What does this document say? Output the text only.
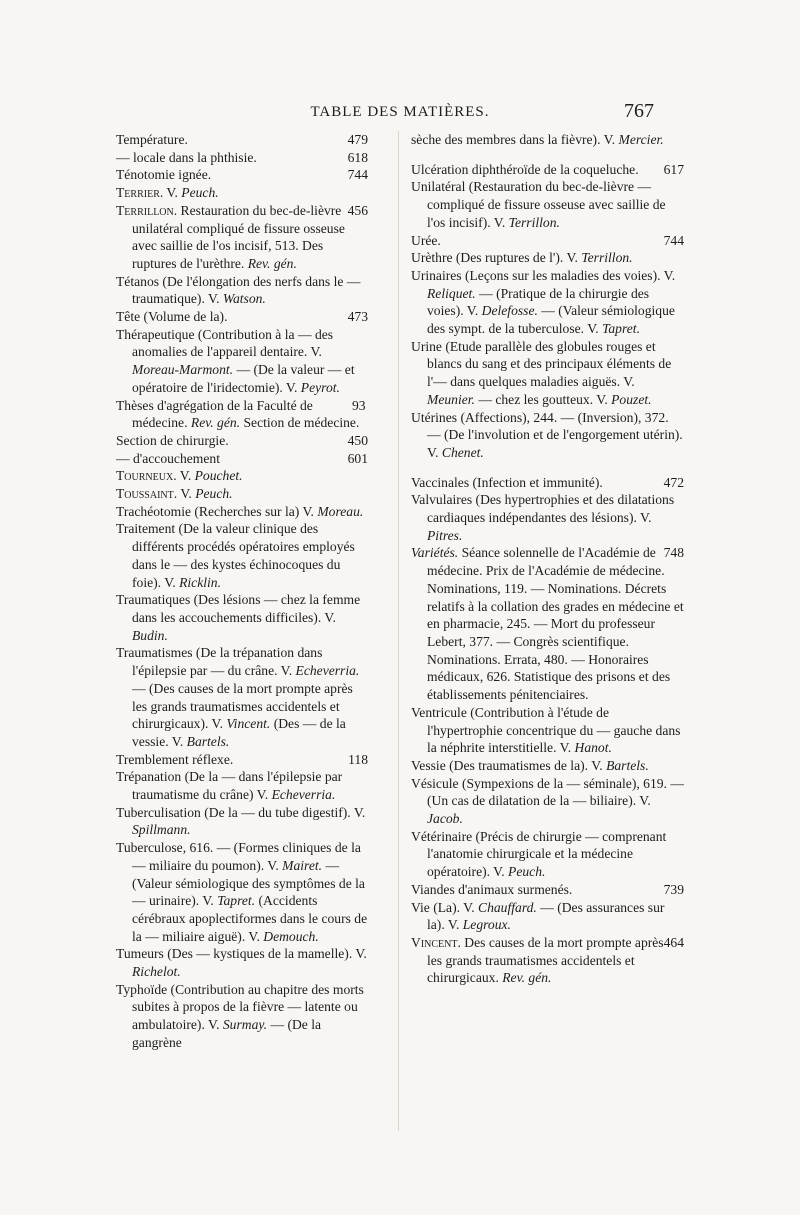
TABLE DES MATIÈRES.	767

479
Température.

618
— locale dans la phthisie.

744
Ténotomie ignée.

Terrier. V. Peuch.

456
Terrillon. Restauration du bec-de-lièvre unilatéral compliqué de fissure osseuse avec saillie de l'os incisif, 513. Des ruptures de l'urèthre. Rev. gén.

Tétanos (De l'élongation des nerfs dans le — traumatique). V. Watson.

473
Tête (Volume de la).

Thérapeutique (Contribution à la — des anomalies de l'appareil dentaire. V. Moreau-Marmont. — (De la valeur — et opératoire de l'iridectomie). V. Peyrot.

93
Thèses d'agrégation de la Faculté de médecine. Rev. gén. Section de médecine.

450
Section de chirurgie.

601
— d'accouchement

Tourneux. V. Pouchet.

Toussaint. V. Peuch.

Trachéotomie (Recherches sur la) V. Moreau.

Traitement (De la valeur clinique des différents procédés opératoires employés dans le — des kystes échinocoques du foie). V. Ricklin.

Traumatiques (Des lésions — chez la femme dans les accouchements difficiles). V. Budin.

Traumatismes (De la trépanation dans l'épilepsie par — du crâne. V. Echeverria. — (Des causes de la mort prompte après les grands traumatismes accidentels et chirurgicaux). V. Vincent. (Des — de la vessie. V. Bartels.

118
Tremblement réflexe.

Trépanation (De la — dans l'épilepsie par traumatisme du crâne) V. Echeverria.

Tuberculisation (De la — du tube digestif). V. Spillmann.

Tuberculose, 616. — (Formes cliniques de la — miliaire du poumon). V. Mairet. — (Valeur sémiologique des symptômes de la — urinaire). V. Tapret. (Accidents cérébraux apoplectiformes dans le cours de la — miliaire aiguë). V. Demouch.

Tumeurs (Des — kystiques de la mamelle). V. Richelot.

Typhoïde (Contribution au chapitre des morts subites à propos de la fièvre — latente ou ambulatoire). V. Surmay. — (De la gangrène

sèche des membres dans la fièvre). V. Mercier.

617
Ulcération diphthéroïde de la coqueluche.

Unilatéral (Restauration du bec-de-lièvre — compliqué de fissure osseuse avec saillie de l'os incisif). V. Terrillon.

744
Urée.

Urèthre (Des ruptures de l'). V. Terrillon.

Urinaires (Leçons sur les maladies des voies). V. Reliquet. — (Pratique de la chirurgie des voies). V. Delefosse. — (Valeur sémiologique des sympt. de la tuberculose. V. Tapret.

Urine (Etude parallèle des globules rouges et blancs du sang et des principaux éléments de l'— dans quelques maladies aiguës. V. Meunier. — chez les goutteux. V. Pouzet.

Utérines (Affections), 244. — (Inversion), 372. — (De l'involution et de l'engorgement utérin). V. Chenet.

472
Vaccinales (Infection et immunité).

Valvulaires (Des hypertrophies et des dilatations cardiaques indépendantes des lésions). V. Pitres.

748
Variétés. Séance solennelle de l'Académie de médecine. Prix de l'Académie de médecine. Nominations, 119. — Nominations. Décrets relatifs à la collation des grades en médecine et en pharmacie, 245. — Mort du professeur Lebert, 377. — Congrès scientifique. Nominations. Errata, 480. — Honoraires médicaux, 626. Statistique des prisons et des établissements pénitenciaires.

Ventricule (Contribution à l'étude de l'hypertrophie concentrique du — gauche dans la néphrite interstitielle. V. Hanot.

Vessie (Des traumatismes de la). V. Bartels.

Vésicule (Sympexions de la — séminale), 619. — (Un cas de dilatation de la — biliaire). V. Jacob.

Vétérinaire (Précis de chirurgie — comprenant l'anatomie chirurgicale et la médecine opératoire). V. Peuch.

739
Viandes d'animaux surmenés.

Vie (La). V. Chauffard. — (Des assurances sur la). V. Legroux.

464
Vincent. Des causes de la mort prompte après les grands traumatismes accidentels et chirurgicaux. Rev. gén.
